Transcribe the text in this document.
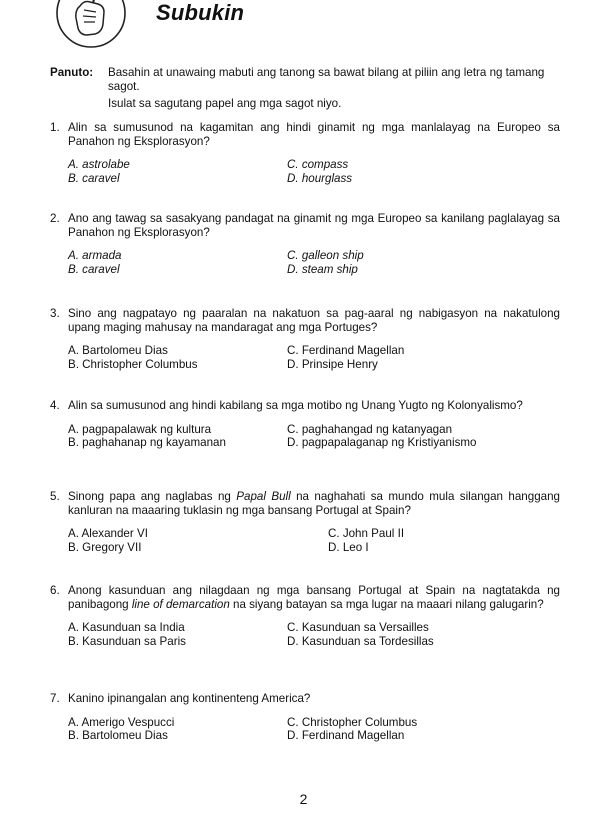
Subukin
Panuto: Basahin at unawaing mabuti ang tanong sa bawat bilang at piliin ang letra ng tamang sagot.
Isulat sa sagutang papel ang mga sagot niyo.
1. Alin sa sumusunod na kagamitan ang hindi ginamit ng mga manlalayag na Europeo sa Panahon ng Eksplorasyon?
A. astrolabe
B. caravel
C. compass
D. hourglass
2. Ano ang tawag sa sasakyang pandagat na ginamit ng mga Europeo sa kanilang paglalayag sa Panahon ng Eksplorasyon?
A. armada
B. caravel
C. galleon ship
D. steam ship
3. Sino ang nagpatayo ng paaralan na nakatuon sa pag-aaral ng nabigasyon na nakatulong upang maging mahusay na mandaragat ang mga Portuges?
A. Bartolomeu Dias
B. Christopher Columbus
C. Ferdinand Magellan
D. Prinsipe Henry
4. Alin sa sumusunod ang hindi kabilang sa mga motibo ng Unang Yugto ng Kolonyalismo?
A. pagpapalawak ng kultura
B. paghahanap ng kayamanan
C. paghahangad ng katanyagan
D. pagpapalaganap ng Kristiyanismo
5. Sinong papa ang naglabas ng Papal Bull na naghahati sa mundo mula silangan hanggang kanluran na maaaring tuklasin ng mga bansang Portugal at Spain?
A. Alexander VI
B. Gregory VII
C. John Paul II
D. Leo I
6. Anong kasunduan ang nilagdaan ng mga bansang Portugal at Spain na nagtatakda ng panibagong line of demarcation na siyang batayan sa mga lugar na maaari nilang galugarin?
A. Kasunduan sa India
B. Kasunduan sa Paris
C. Kasunduan sa Versailles
D. Kasunduan sa Tordesillas
7. Kanino ipinangalan ang kontinenteng America?
A. Amerigo Vespucci
B. Bartolomeu Dias
C. Christopher Columbus
D. Ferdinand Magellan
2
